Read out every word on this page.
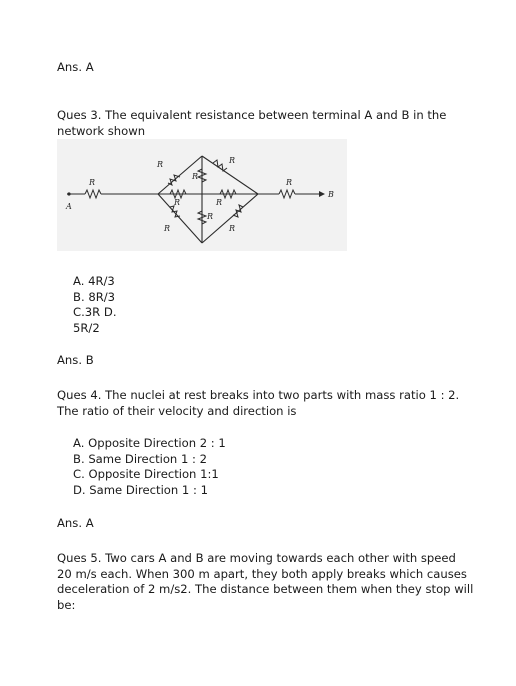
Ans. A
Ques 3. The equivalent resistance between terminal A and B in the
network shown
R
R	R
R
R	R
R
R	R
R
A
B
A. 4R/3
B. 8R/3
C.3R D.
5R/2
Ans. B
Ques 4. The nuclei at rest breaks into two parts with mass ratio 1 : 2.
The ratio of their velocity and direction is
A. Opposite Direction 2 : 1
B. Same Direction 1 : 2
C. Opposite Direction 1:1
D. Same Direction 1 : 1
Ans. A
Ques 5. Two cars A and B are moving towards each other with speed
20 m/s each. When 300 m apart, they both apply breaks which causes
deceleration of 2 m/s2. The distance between them when they stop will
be:
